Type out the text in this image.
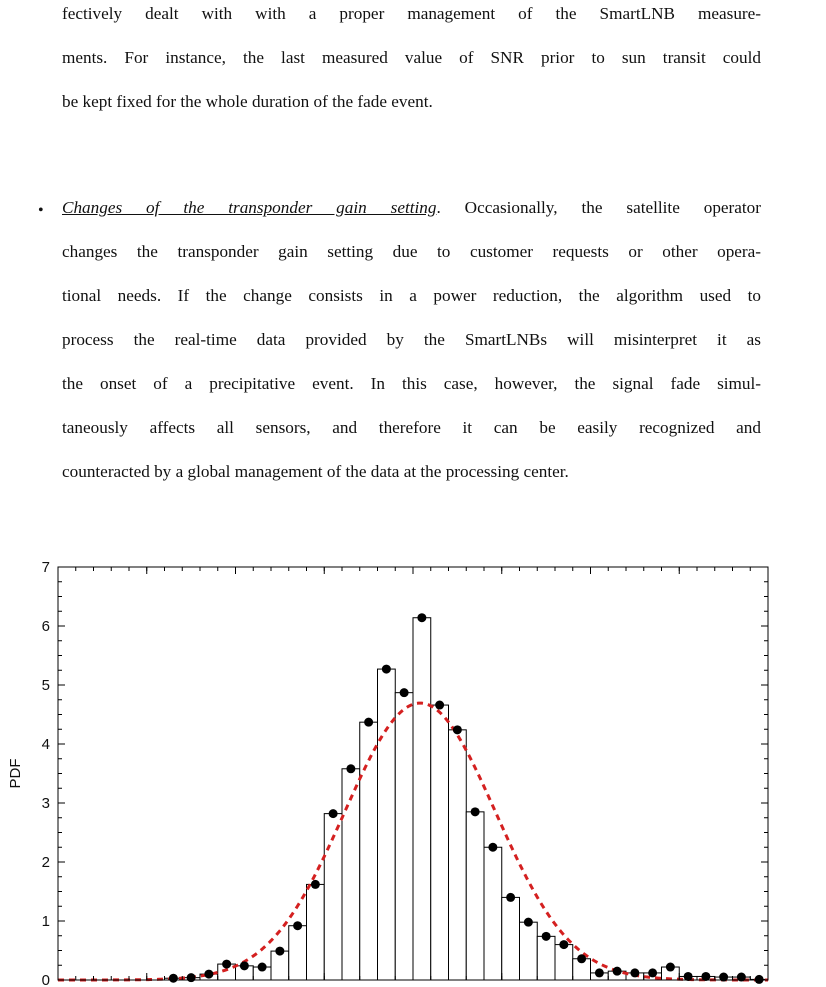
fectively dealt with with a proper management of the SmartLNB measure-

ments. For instance, the last measured value of SNR prior to sun transit could

be kept fixed for the whole duration of the fade event.

• Changes of the transponder gain setting. Occasionally, the satellite operator

changes the transponder gain setting due to customer requests or other opera-

tional needs. If the change consists in a power reduction, the algorithm used to

process the real-time data provided by the SmartLNBs will misinterpret it as

the onset of a precipitative event. In this case, however, the signal fade simul-

taneously affects all sensors, and therefore it can be easily recognized and

counteracted by a global management of the data at the processing center.

0
1
2
3
4
5
6
7
PDF
